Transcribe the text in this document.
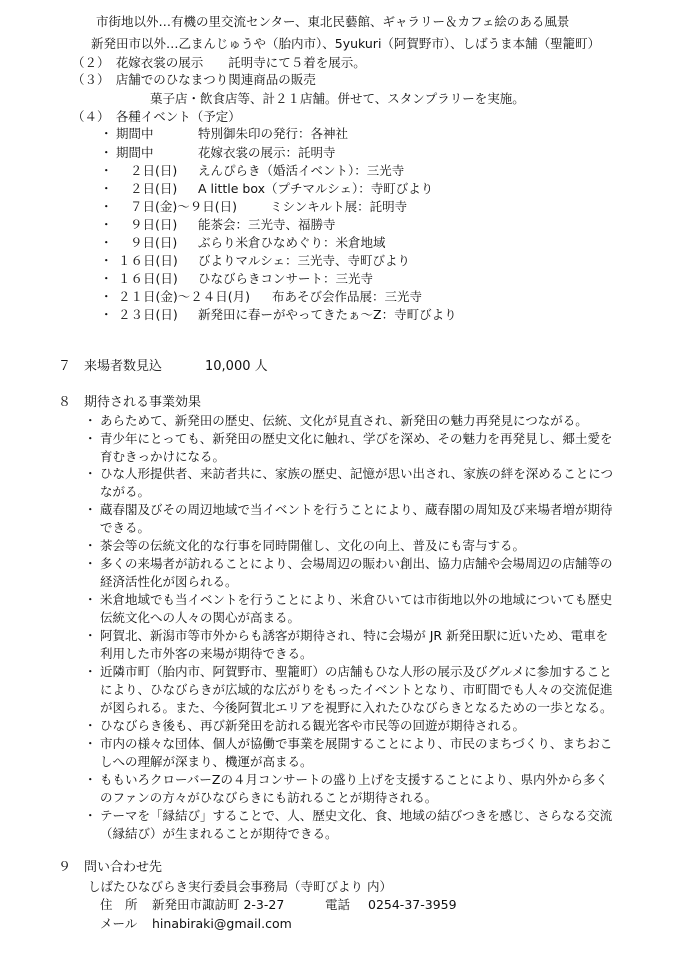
市街地以外…有機の里交流センター、東北民藝館、ギャラリー＆カフェ絵のある風景
新発田市以外…乙まんじゅうや（胎内市）、5yukuri（阿賀野市）、しばうま本舗（聖籠町）
（２）　花嫁衣裳の展示　　託明寺にて５着を展示。
（３）　店舗でのひなまつり関連商品の販売
菓子店・飲食店等、計２１店舗。併せて、スタンプラリーを実施。
（４）　各種イベント（予定）
・ 期間中	特別御朱印の発行：各神社
・ 期間中	花嫁衣裳の展示：託明寺
・ ２日(日) えんぴらき（婚活イベント）：三光寺
・ ２日(日) A little box（プチマルシェ）：寺町びより
・ ７日(金)～９日(日)	ミシンキルト展：託明寺
・ ９日(日) 能茶会：三光寺、福勝寺
・ ９日(日) ぶらり米倉ひなめぐり：米倉地域
・ １６日(日) びよりマルシェ：三光寺、寺町びより
・ １６日(日) ひなびらきコンサート：三光寺
・ ２１日(金)～２４日(月) 布あそび会作品展：三光寺
・ ２３日(日) 新発田に春ーがやってきたぁ～Z：寺町びより
７　来場者数見込	10,000 人
８　期待される事業効果
・ あらためて、新発田の歴史、伝統、文化が見直され、新発田の魅力再発見につながる。
・ 青少年にとっても、新発田の歴史文化に触れ、学びを深め、その魅力を再発見し、郷土愛を
育むきっかけになる。
・ ひな人形提供者、来訪者共に、家族の歴史、記憶が思い出され、家族の絆を深めることにつ
ながる。
・ 蔵春閣及びその周辺地域で当イベントを行うことにより、蔵春閣の周知及び来場者増が期待
できる。
・ 茶会等の伝統文化的な行事を同時開催し、文化の向上、普及にも寄与する。
・ 多くの来場者が訪れることにより、会場周辺の賑わい創出、協力店舗や会場周辺の店舗等の
経済活性化が図られる。
・ 米倉地域でも当イベントを行うことにより、米倉ひいては市街地以外の地域についても歴史
伝統文化への人々の関心が高まる。
・ 阿賀北、新潟市等市外からも誘客が期待され、特に会場が JR 新発田駅に近いため、電車を
利用した市外客の来場が期待できる。
・ 近隣市町（胎内市、阿賀野市、聖籠町）の店舗もひな人形の展示及びグルメに参加すること
により、ひなびらきが広域的な広がりをもったイベントとなり、市町間でも人々の交流促進
が図られる。また、今後阿賀北エリアを視野に入れたひなびらきとなるための一歩となる。
・ ひなびらき後も、再び新発田を訪れる観光客や市民等の回遊が期待される。
・ 市内の様々な団体、個人が協働で事業を展開することにより、市民のまちづくり、まちおこ
しへの理解が深まり、機運が高まる。
・ ももいろクローバーZの４月コンサートの盛り上げを支援することにより、県内外から多く
のファンの方々がひなびらきにも訪れることが期待される。
・ テーマを「縁結び」することで、人、歴史文化、食、地域の結びつきを感じ、さらなる交流
（縁結び）が生まれることが期待できる。
９　問い合わせ先
しばたひなびらき実行委員会事務局（寺町びより 内）
住　所 新発田市諏訪町 2-3-27	電話 0254-37-3959
メール hinabiraki@gmail.com
